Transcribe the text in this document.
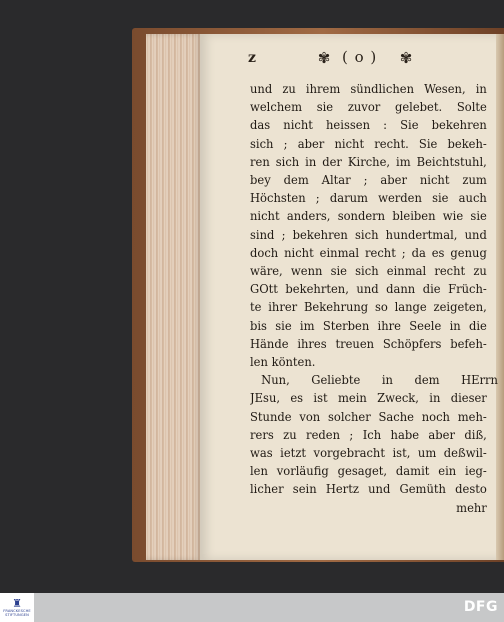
z	✾ ( o ) ✾
und zu ihrem sündlichen Wesen, in
welchem sie zuvor gelebet. Solte
das nicht heissen : Sie bekehren
sich ; aber nicht recht. Sie bekeh-
ren sich in der Kirche, im Beichtstuhl,
bey dem Altar ; aber nicht zum
Höchsten ; darum werden sie auch
nicht anders, sondern bleiben wie sie
sind ; bekehren sich hundertmal, und
doch nicht einmal recht ; da es genug
wäre, wenn sie sich einmal recht zu
GOtt bekehrten, und dann die Früch-
te ihrer Bekehrung so lange zeigeten,
bis sie im Sterben ihre Seele in die
Hände ihres treuen Schöpfers befeh-
len könten.
Nun, Geliebte in dem HErrn
JEsu, es ist mein Zweck, in dieser
Stunde von solcher Sache noch meh-
rers zu reden ; Ich habe aber diß,
was ietzt vorgebracht ist, um deßwil-
len vorläufig gesaget, damit ein ieg-
licher sein Hertz und Gemüth desto
mehr
♜
FRANCKESCHE STIFTUNGEN	DFG
